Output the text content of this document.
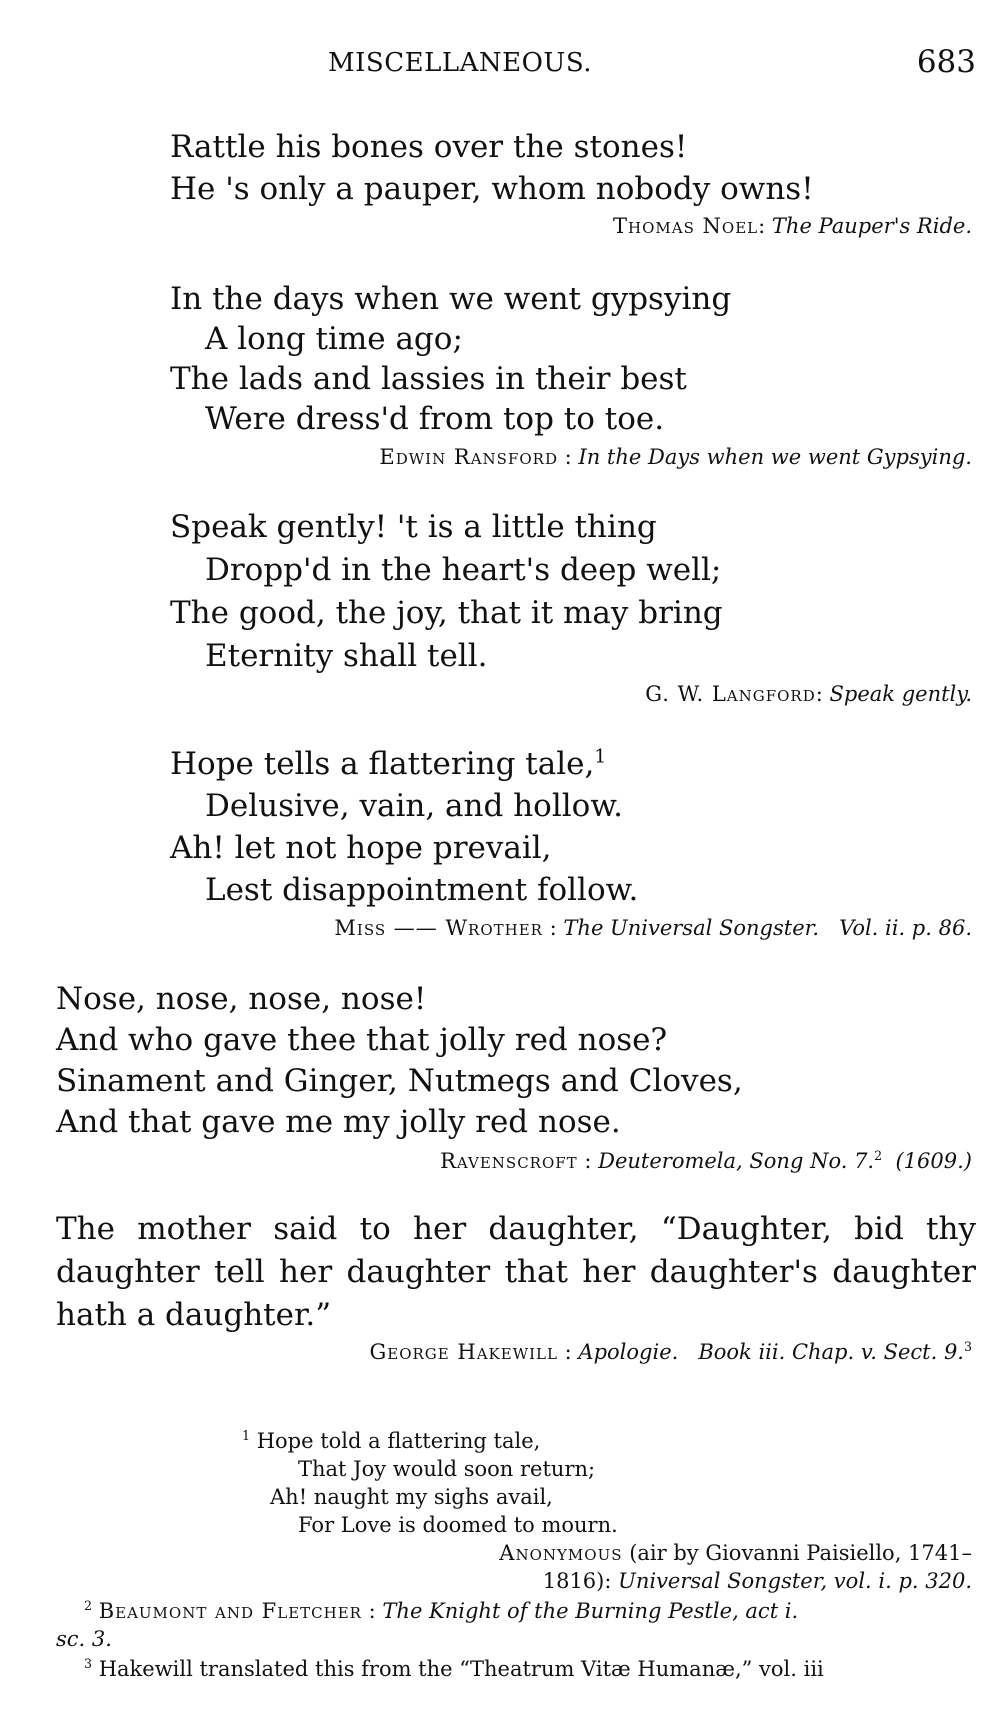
MISCELLANEOUS.	683
Rattle his bones over the stones!
He 's only a pauper, whom nobody owns!
Thomas Noel: The Pauper's Ride.
In the days when we went gypsying
A long time ago;
The lads and lassies in their best
Were dress'd from top to toe.
Edwin Ransford : In the Days when we went Gypsying.
Speak gently! 't is a little thing
Dropp'd in the heart's deep well;
The good, the joy, that it may bring
Eternity shall tell.
G. W. Langford: Speak gently.
Hope tells a flattering tale,$^1$
Delusive, vain, and hollow.
Ah! let not hope prevail,
Lest disappointment follow.
Miss —— Wrother : The Universal Songster. Vol. ii. p. 86.
Nose, nose, nose, nose!
And who gave thee that jolly red nose?
Sinament and Ginger, Nutmegs and Cloves,
And that gave me my jolly red nose.
Ravenscroft : Deuteromela, Song No. 7.$^2$ (1609.)
The mother said to her daughter, “Daughter, bid thy daughter tell her daughter that her daughter's daughter hath a daughter.”
George Hakewill : Apologie. Book iii. Chap. v. Sect. 9.$^3$
$^1$ Hope told a flattering tale,
That Joy would soon return;
Ah! naught my sighs avail,
For Love is doomed to mourn.
Anonymous (air by Giovanni Paisiello, 1741–
1816): Universal Songster, vol. i. p. 320.
$^2$ Beaumont and Fletcher : The Knight of the Burning Pestle, act i.
sc. 3.
$^3$ Hakewill translated this from the “Theatrum Vitæ Humanæ,” vol. iii
